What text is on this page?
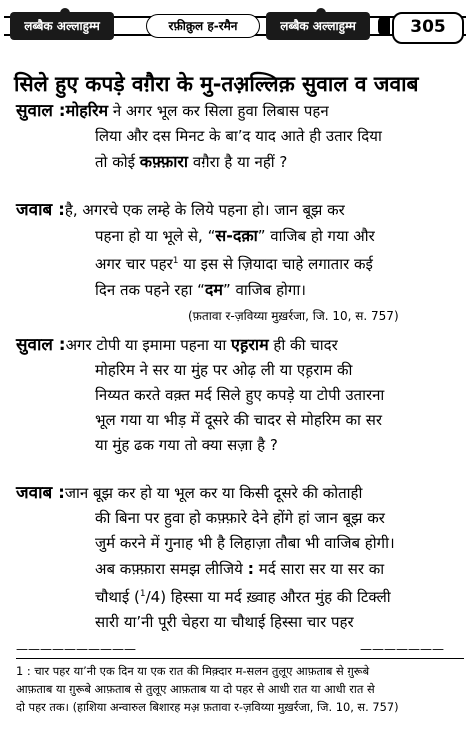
लब्बैक अल्लाहुम्म लब्बैक
रफ़ीक़ुल ह-रमैन	लब्बैक अल्लाहुम्म लब्बैक
305
सिले हुए कपड़े वग़ैरा के मु-तअ़ल्लिक़ सुवाल व जवाब
सुवाल :मोहरिम ने अगर भूल कर सिला हुवा लिबास पहन
लिया और दस मिनट के बा’द याद आते ही उतार दिया
तो कोई कफ़्फ़ारा वग़ैरा है या नहीं ?
जवाब :है, अगरचे एक लम्हे के लिये पहना हो। जान बूझ कर
पहना हो या भूले से, “स-दक़ा” वाजिब हो गया और
अगर चार पहर$^1$ या इस से ज़ियादा चाहे लगातार कई
दिन तक पहने रहा “दम” वाजिब होगा।
(फ़तावा र-ज़विय्या मुख़र्रजा, जि. 10, स. 757)
सुवाल :अगर टोपी या इमामा पहना या एह़राम ही की चादर
मोहरिम ने सर या मुंह पर ओढ़ ली या एह़राम की
निय्यत करते वक़्त मर्द सिले हुए कपड़े या टोपी उतारना
भूल गया या भीड़ में दूसरे की चादर से मोहरिम का सर
या मुंह ढक गया तो क्या सज़ा है ?
जवाब :जान बूझ कर हो या भूल कर या किसी दूसरे की कोताही
की बिना पर हुवा हो कफ़्फ़ारे देने होंगे हां जान बूझ कर
जुर्म करने में गुनाह भी है लिहाज़ा तौबा भी वाजिब होगी।
अब कफ़्फ़ारा समझ लीजिये : मर्द सारा सर या सर का
चौथाई ($^1$/4) हिस्सा या मर्द ख़्वाह औरत मुंह की टिक्ली
सारी या’नी पूरी चेहरा या चौथाई हिस्सा चार पहर
——————————	———————
1 : चार पहर या’नी एक दिन या एक रात की मिक़्दार म-सलन तुलूए आफ़ताब से ग़ुरूबे
आफ़ताब या ग़ुरूबे आफ़ताब से तुलूए आफ़ताब या दो पहर से आधी रात या आधी रात से
दो पहर तक। (हाशिया अन्वारुल बिशारह मअ़ फ़तावा र-ज़विय्या मुख़र्रजा, जि. 10, स. 757)
